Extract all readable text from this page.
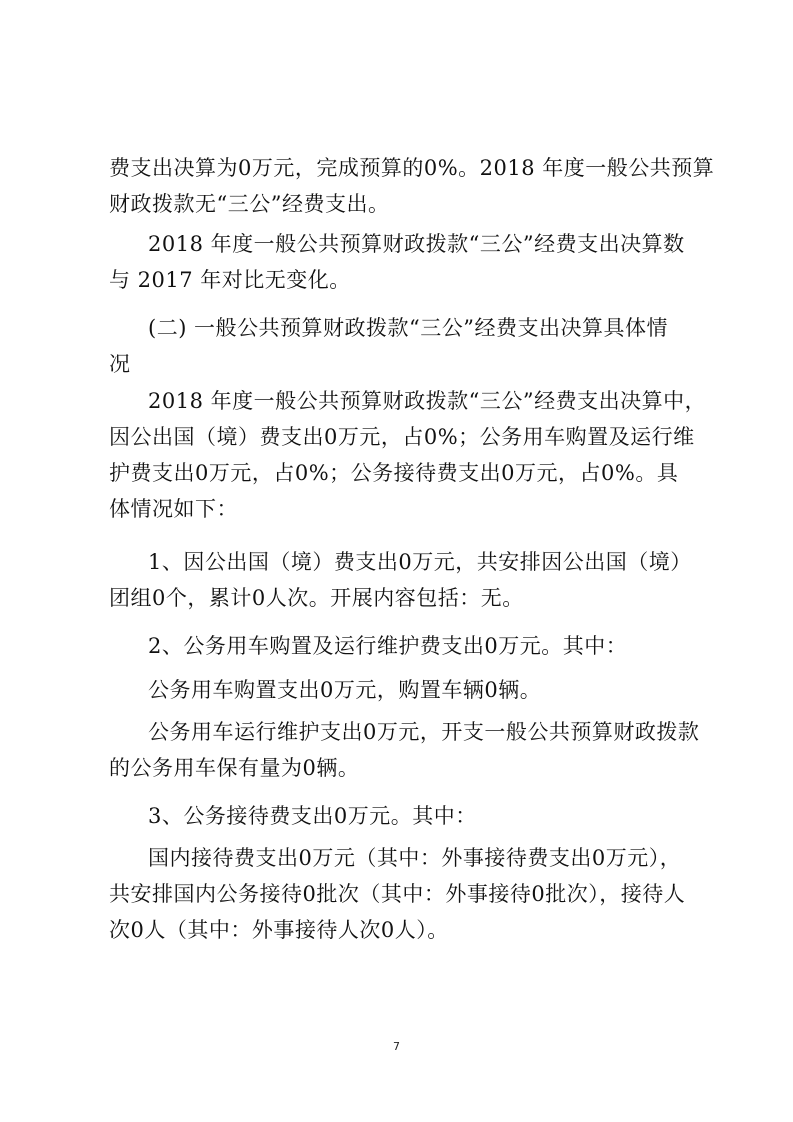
费支出决算为0万元，完成预算的0%。2018 年度一般公共预算
财政拨款无“三公”经费支出。
2018 年度一般公共预算财政拨款“三公”经费支出决算数
与 2017 年对比无变化。
(二) 一般公共预算财政拨款“三公”经费支出决算具体情
况
2018 年度一般公共预算财政拨款“三公”经费支出决算中，
因公出国（境）费支出0万元，占0%；公务用车购置及运行维
护费支出0万元，占0%；公务接待费支出0万元，占0%。具
体情况如下：
1、因公出国（境）费支出0万元，共安排因公出国（境）
团组0个，累计0人次。开展内容包括：无。
2、公务用车购置及运行维护费支出0万元。其中：
公务用车购置支出0万元，购置车辆0辆。
公务用车运行维护支出0万元，开支一般公共预算财政拨款
的公务用车保有量为0辆。
3、公务接待费支出0万元。其中：
国内接待费支出0万元（其中：外事接待费支出0万元），
共安排国内公务接待0批次（其中：外事接待0批次），接待人
次0人（其中：外事接待人次0人）。
7
